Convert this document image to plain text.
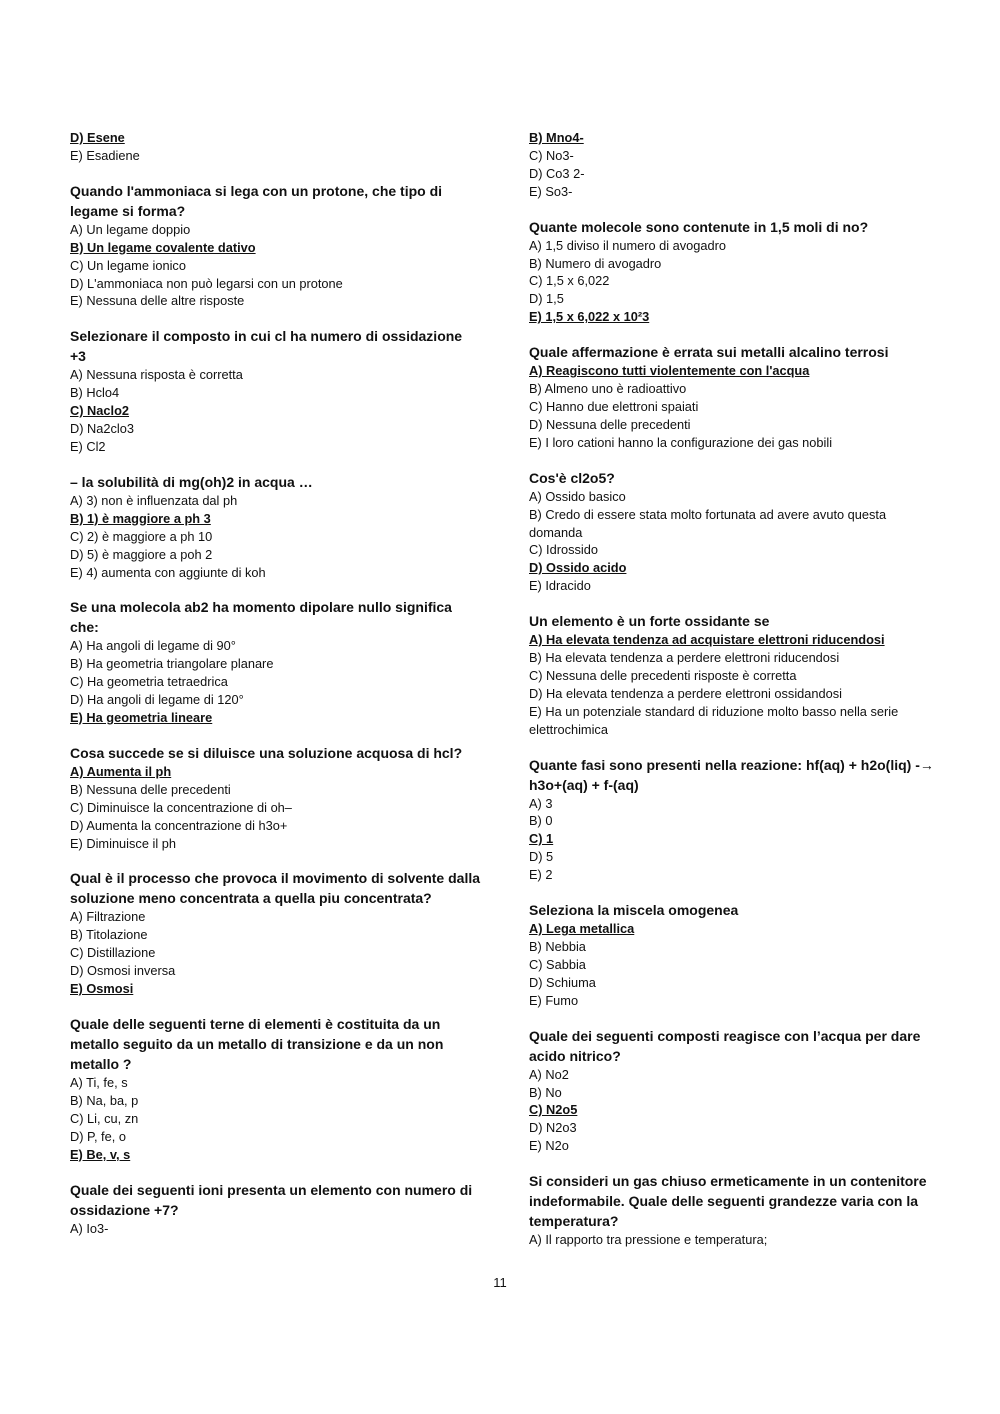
D) Esene

E) Esadiene

Quando l'ammoniaca si lega con un protone, che tipo di legame si forma?

A) Un legame doppio

B) Un legame covalente dativo

C) Un legame ionico

D) L'ammoniaca non può legarsi con un protone

E) Nessuna delle altre risposte

Selezionare il composto in cui cl ha numero di ossidazione +3

A) Nessuna risposta è corretta

B) Hclo4

C) Naclo2

D) Na2clo3

E) Cl2

– la solubilità di mg(oh)2 in acqua …

A) 3) non è influenzata dal ph

B) 1) è maggiore a ph 3

C) 2) è maggiore a ph 10

D) 5) è maggiore a poh 2

E) 4) aumenta con aggiunte di koh

Se una molecola ab2 ha momento dipolare nullo significa che:

A) Ha angoli di legame di 90°

B) Ha geometria triangolare planare

C) Ha geometria tetraedrica

D) Ha angoli di legame di 120°

E) Ha geometria lineare

Cosa succede se si diluisce una soluzione acquosa di hcl?

A) Aumenta il ph

B) Nessuna delle precedenti

C) Diminuisce la concentrazione di oh–

D) Aumenta la concentrazione di h3o+

E) Diminuisce il ph

Qual è il processo che provoca il movimento di solvente dalla soluzione meno concentrata a quella piu concentrata?

A) Filtrazione

B) Titolazione

C) Distillazione

D) Osmosi inversa

E) Osmosi

Quale delle seguenti terne di elementi è costituita da un metallo seguito da un metallo di transizione e da un non metallo ?

A) Ti, fe, s

B) Na, ba, p

C) Li, cu, zn

D) P, fe, o

E) Be, v, s

Quale dei seguenti ioni presenta un elemento con numero di ossidazione +7?

A) Io3-

B) Mno4-

C) No3-

D) Co3 2-

E) So3-

Quante molecole sono contenute in 1,5 moli di no?

A) 1,5 diviso il numero di avogadro

B) Numero di avogadro

C) 1,5 x 6,022

D) 1,5

E) 1,5 x 6,022 x 10²3

Quale affermazione è errata sui metalli alcalino terrosi

A) Reagiscono tutti violentemente con l'acqua

B) Almeno uno è radioattivo

C) Hanno due elettroni spaiati

D) Nessuna delle precedenti

E) I loro cationi hanno la configurazione dei gas nobili

Cos'è cl2o5?

A) Ossido basico

B) Credo di essere stata molto fortunata ad avere avuto questa domanda

C) Idrossido

D) Ossido acido

E) Idracido

Un elemento è un forte ossidante se

A) Ha elevata tendenza ad acquistare elettroni riducendosi

B) Ha elevata tendenza a perdere elettroni riducendosi

C) Nessuna delle precedenti risposte è corretta

D) Ha elevata tendenza a perdere elettroni ossidandosi

E) Ha un potenziale standard di riduzione molto basso nella serie elettrochimica

Quante fasi sono presenti nella reazione: hf(aq) + h2o(liq) -→ h3o+(aq) + f-(aq)

A) 3

B) 0

C) 1

D) 5

E) 2

Seleziona la miscela omogenea

A) Lega metallica

B) Nebbia

C) Sabbia

D) Schiuma

E) Fumo

Quale dei seguenti composti reagisce con l’acqua per dare acido nitrico?

A) No2

B) No

C) N2o5

D) N2o3

E) N2o

Si consideri un gas chiuso ermeticamente in un contenitore indeformabile. Quale delle seguenti grandezze varia con la temperatura?

A) Il rapporto tra pressione e temperatura;

11
